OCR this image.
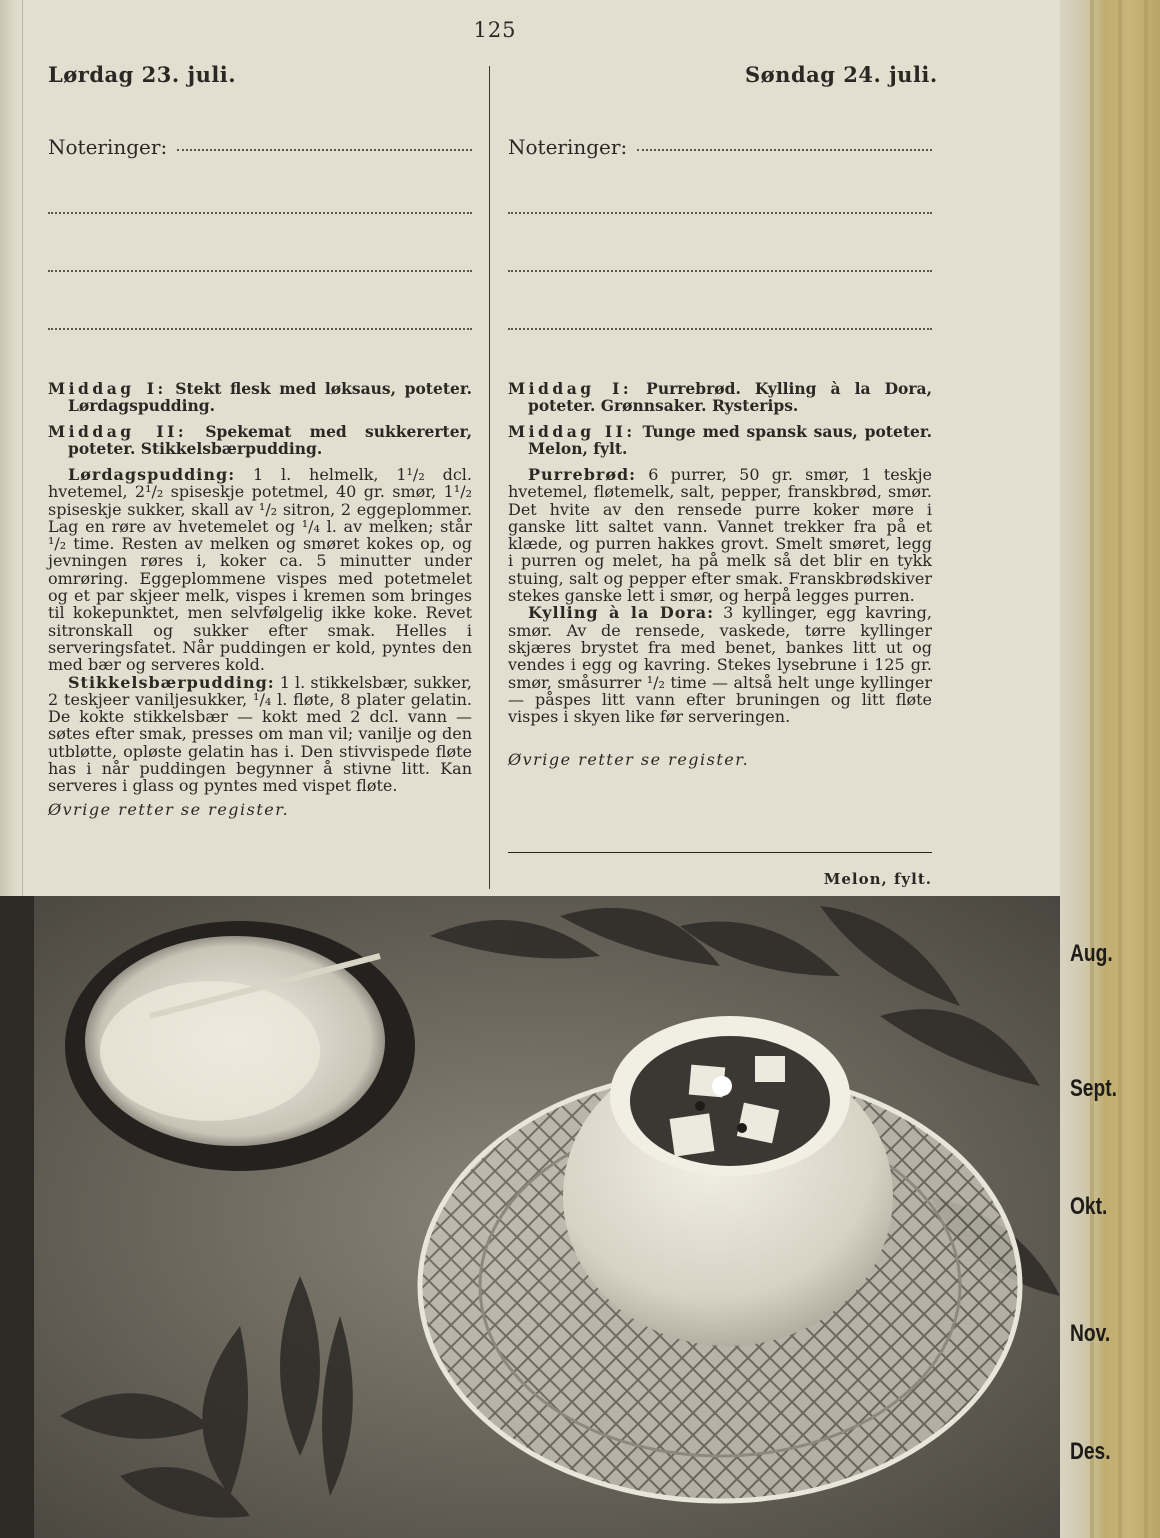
125
Lørdag 23. juli.	Søndag 24. juli.
Noteringer:

Middag I: Stekt flesk med løksaus, poteter. Lørdagspudding.

Middag II: Spekemat med sukkererter, poteter. Stikkelsbærpudding.

Lørdagspudding: 1 l. helmelk, 1¹/₂ dcl. hvetemel, 2¹/₂ spiseskje potetmel, 40 gr. smør, 1¹/₂ spiseskje sukker, skall av ¹/₂ sitron, 2 eggeplommer. Lag en røre av hvetemelet og ¹/₄ l. av melken; står ¹/₂ time. Resten av melken og smøret kokes op, og jevningen røres i, koker ca. 5 minutter under omrøring. Eggeplommene vispes med potetmelet og et par skjeer melk, vispes i kremen som bringes til kokepunktet, men selvfølgelig ikke koke. Revet sitronskall og sukker efter smak. Helles i serveringsfatet. Når puddingen er kold, pyntes den med bær og serveres kold.

Stikkelsbærpudding: 1 l. stikkelsbær, sukker, 2 teskjeer vaniljesukker, ¹/₄ l. fløte, 8 plater gelatin. De kokte stikkelsbær — kokt med 2 dcl. vann — søtes efter smak, presses om man vil; vanilje og den utbløtte, opløste gelatin has i. Den stivvispede fløte has i når puddingen begynner å stivne litt. Kan serveres i glass og pyntes med vispet fløte.

Øvrige retter se register.
Noteringer:

Middag I: Purrebrød. Kylling à la Dora, poteter. Grønnsaker. Rysterips.

Middag II: Tunge med spansk saus, poteter. Melon, fylt.

Purrebrød: 6 purrer, 50 gr. smør, 1 teskje hvetemel, fløtemelk, salt, pepper, franskbrød, smør. Det hvite av den rensede purre koker møre i ganske litt saltet vann. Vannet trekker fra på et klæde, og purren hakkes grovt. Smelt smøret, legg i purren og melet, ha på melk så det blir en tykk stuing, salt og pepper efter smak. Franskbrødskiver stekes ganske lett i smør, og herpå legges purren.

Kylling à la Dora: 3 kyllinger, egg kavring, smør. Av de rensede, vaskede, tørre kyllinger skjæres brystet fra med benet, bankes litt ut og vendes i egg og kavring. Stekes lysebrune i 125 gr. smør, småsurrer ¹/₂ time — altså helt unge kyllinger — påspes litt vann efter bruningen og litt fløte vispes i skyen like før serveringen.

Øvrige retter se register.
Melon, fylt.
Aug.
Sept.
Okt.
Nov.
Des.
